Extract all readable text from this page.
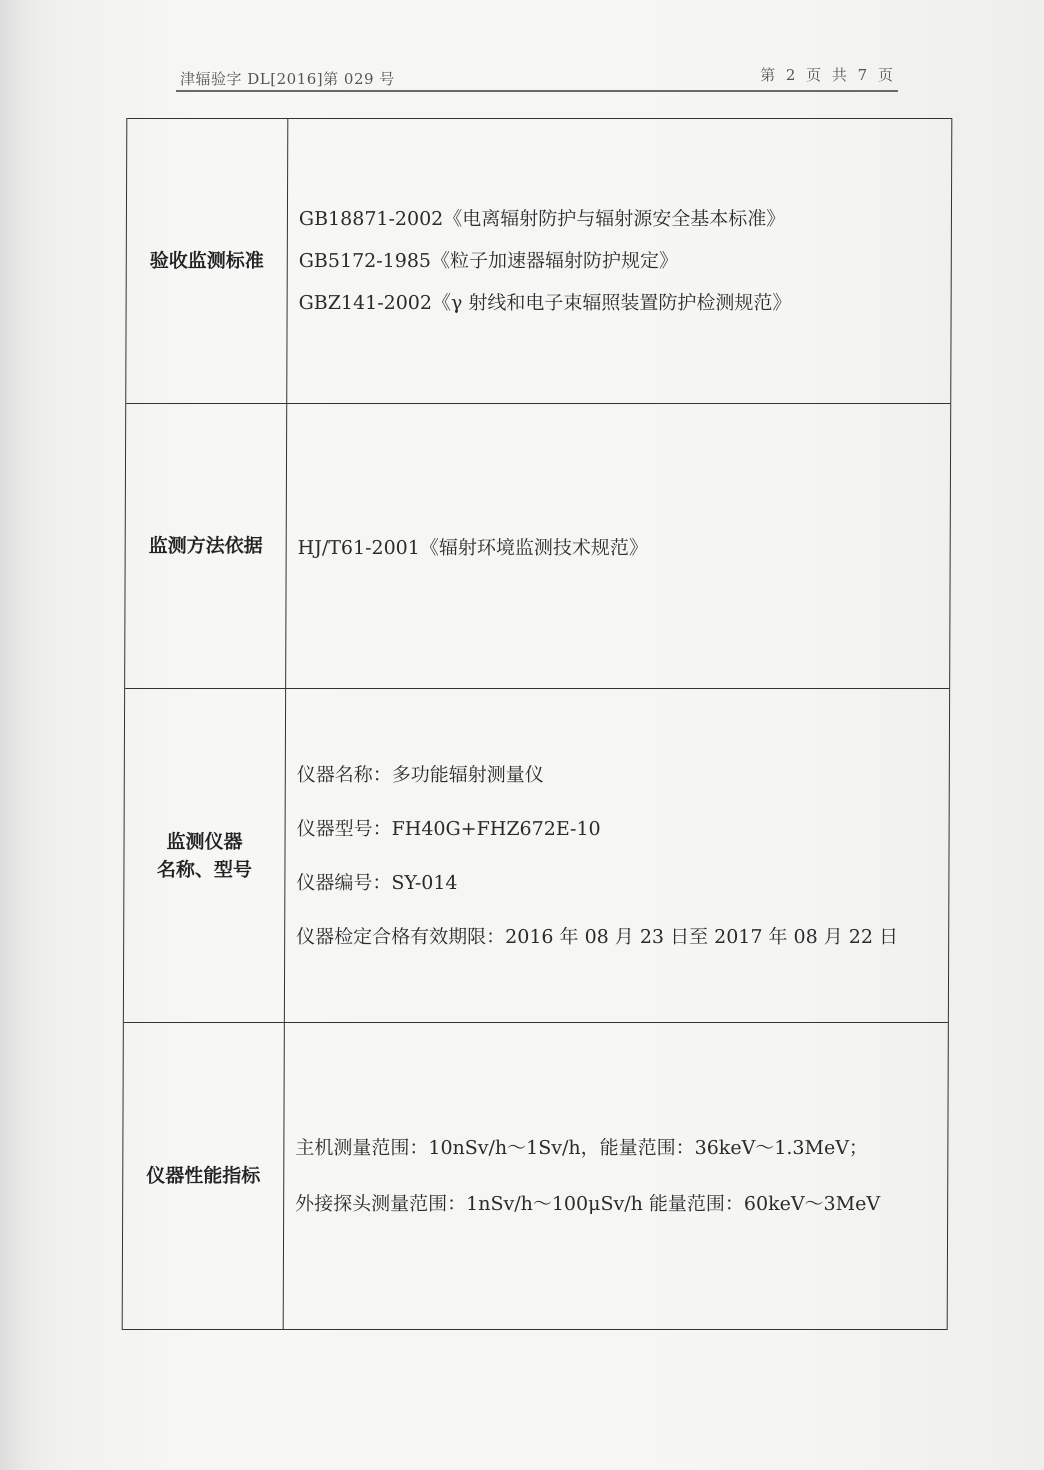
津辐验字 DL[2016]第 029 号	第 2 页 共 7 页
验收监测标准
GB18871-2002《电离辐射防护与辐射源安全基本标准》
GB5172-1985《粒子加速器辐射防护规定》
GBZ141-2002《γ 射线和电子束辐照装置防护检测规范》
监测方法依据 HJ/T61-2001《辐射环境监测技术规范》
监测仪器
名称、型号
仪器名称：多功能辐射测量仪
仪器型号：FH40G+FHZ672E-10
仪器编号：SY-014
仪器检定合格有效期限：2016 年 08 月 23 日至 2017 年 08 月 22 日
仪器性能指标
主机测量范围：10nSv/h～1Sv/h，能量范围：36keV～1.3MeV；
外接探头测量范围：1nSv/h～100μSv/h 能量范围：60keV～3MeV
